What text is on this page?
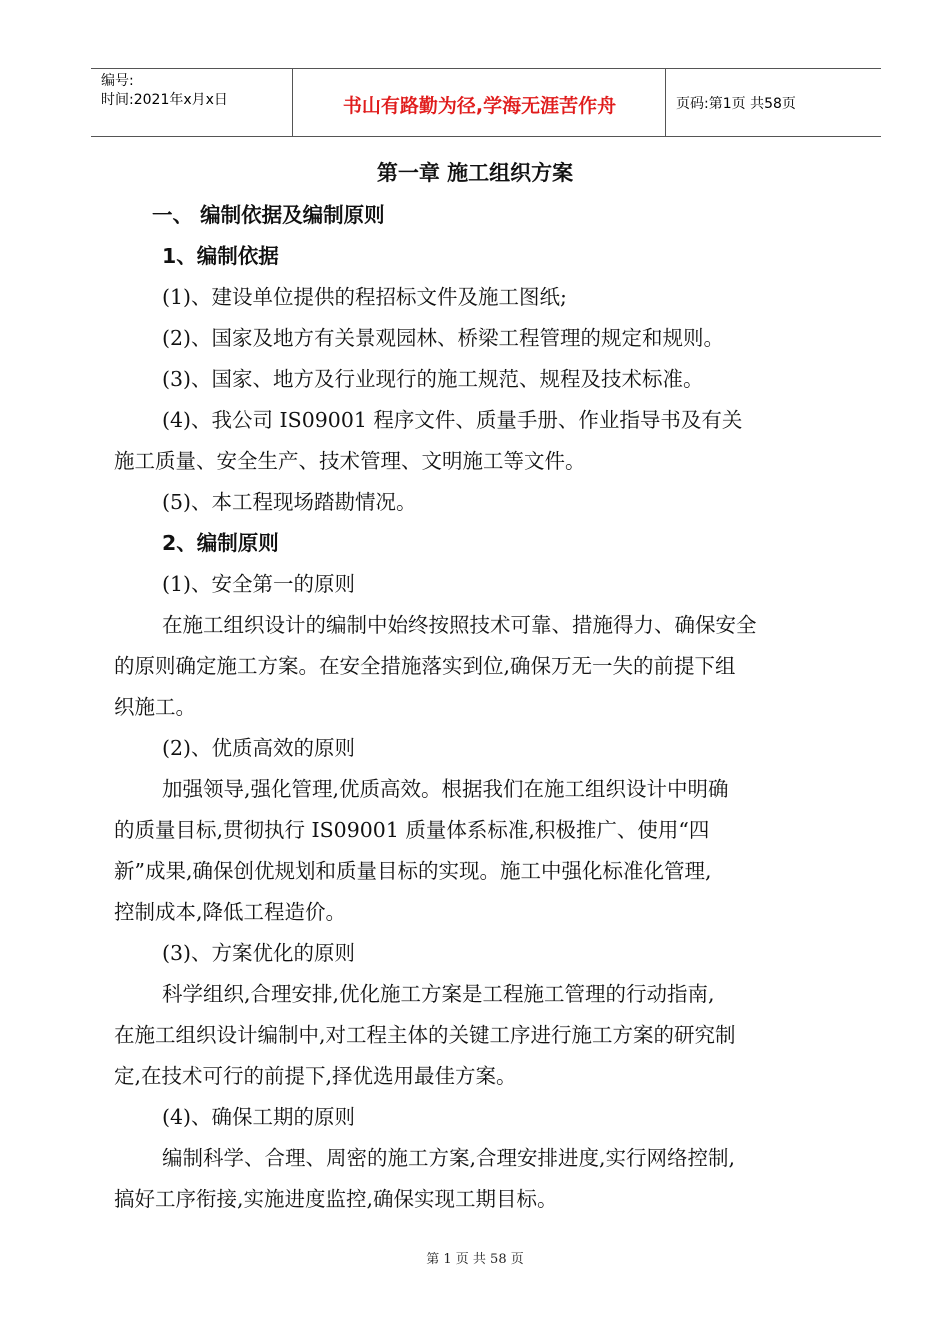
编号:
时间:2021年x月x日	书山有路勤为径,学海无涯苦作舟	页码:第1页 共58页
第一章 施工组织方案
一、 编制依据及编制原则
1、编制依据
(1)、建设单位提供的程招标文件及施工图纸;
(2)、国家及地方有关景观园林、桥梁工程管理的规定和规则。
(3)、国家、地方及行业现行的施工规范、规程及技术标准。
(4)、我公司 IS09001 程序文件、质量手册、作业指导书及有关
施工质量、安全生产、技术管理、文明施工等文件。
(5)、本工程现场踏勘情况。
2、编制原则
(1)、安全第一的原则
在施工组织设计的编制中始终按照技术可靠、措施得力、确保安全
的原则确定施工方案。在安全措施落实到位,确保万无一失的前提下组
织施工。
(2)、优质高效的原则
加强领导,强化管理,优质高效。根据我们在施工组织设计中明确
的质量目标,贯彻执行 IS09001 质量体系标准,积极推广、使用“四
新”成果,确保创优规划和质量目标的实现。施工中强化标准化管理,
控制成本,降低工程造价。
(3)、方案优化的原则
科学组织,合理安排,优化施工方案是工程施工管理的行动指南,
在施工组织设计编制中,对工程主体的关键工序进行施工方案的研究制
定,在技术可行的前提下,择优选用最佳方案。
(4)、确保工期的原则
编制科学、合理、周密的施工方案,合理安排进度,实行网络控制,
搞好工序衔接,实施进度监控,确保实现工期目标。
第 1 页 共 58 页
